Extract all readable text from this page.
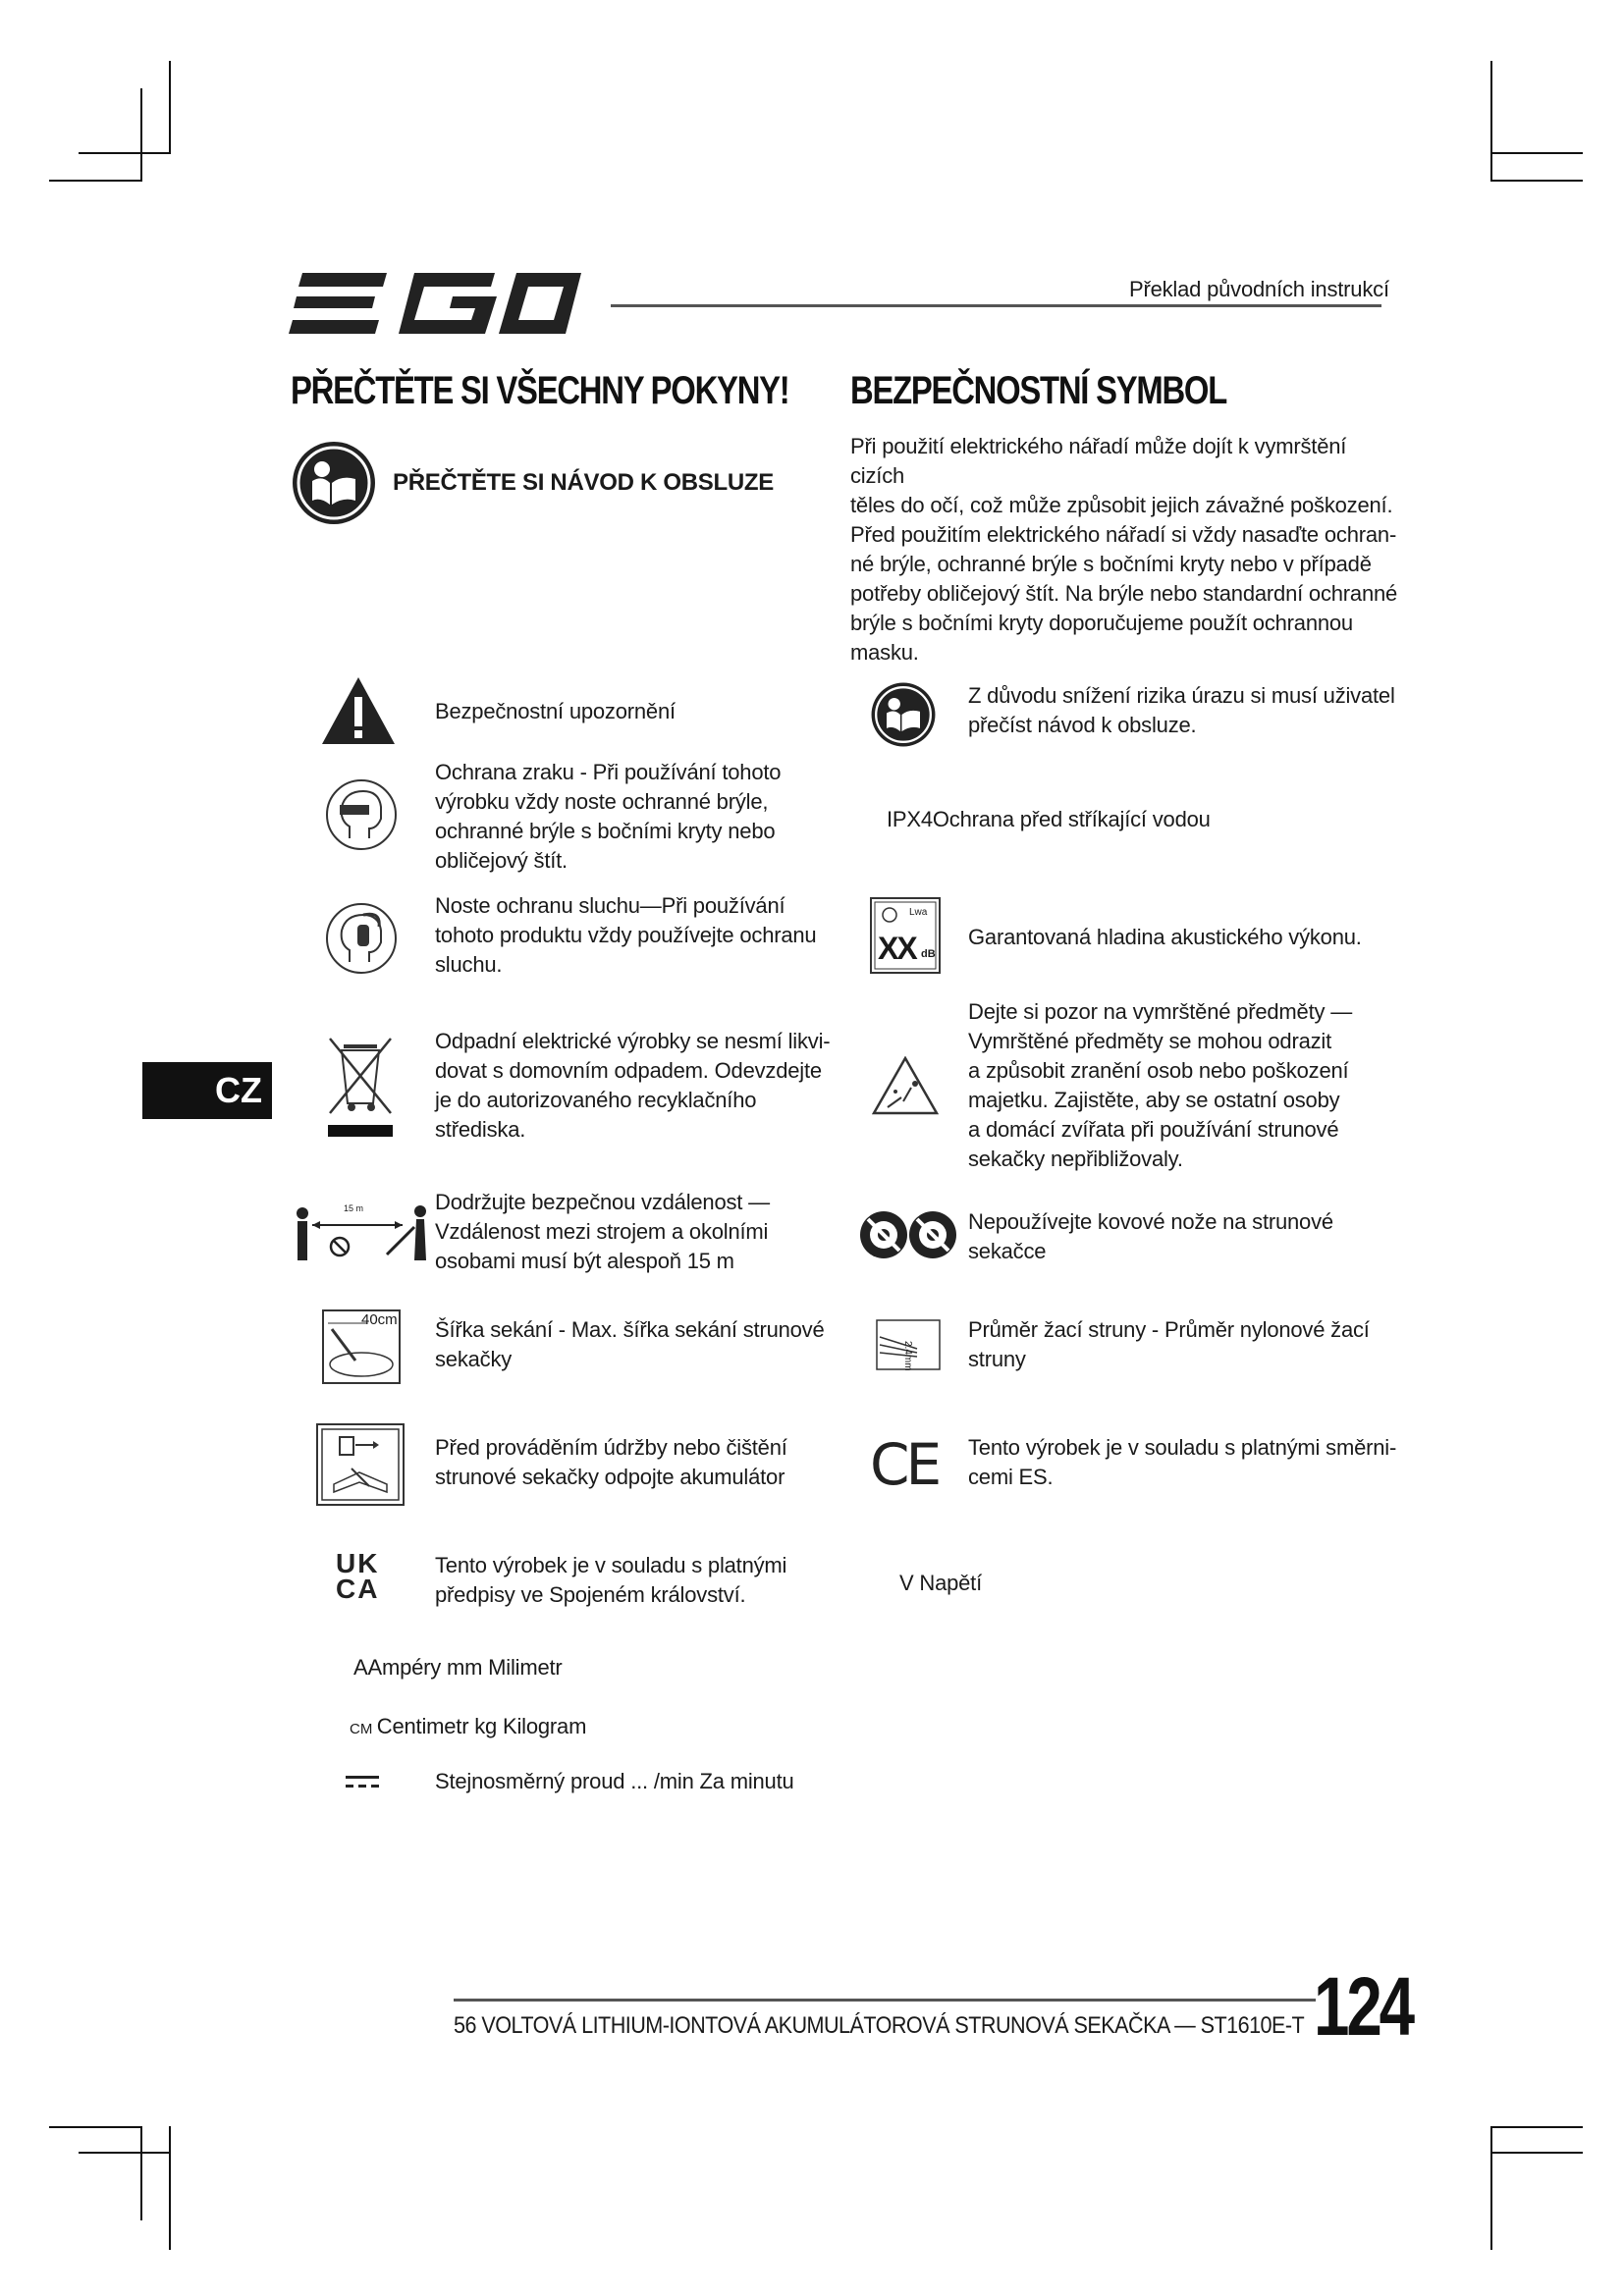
Překlad původních instrukcí
PŘEČTĚTE SI VŠECHNY POKYNY! BEZPEČNOSTNÍ SYMBOL
PŘEČTĚTE SI NÁVOD K OBSLUZE
Při použití elektrického nářadí může dojít k vymrštění cizích
těles do očí, což může způsobit jejich závažné poškození.
Před použitím elektrického nářadí si vždy nasaďte ochran-
né brýle, ochranné brýle s bočními kryty nebo v případě
potřeby obličejový štít. Na brýle nebo standardní ochranné
brýle s bočními kryty doporučujeme použít ochrannou
masku.
CZ
Bezpečnostní upozornění
Ochrana zraku - Při používání tohoto
výrobku vždy noste ochranné brýle,
ochranné brýle s bočními kryty nebo
obličejový štít.
Noste ochranu sluchu—Při používání
tohoto produktu vždy používejte ochranu
sluchu.
Odpadní elektrické výrobky se nesmí likvi-
dovat s domovním odpadem. Odevzdejte
je do autorizovaného recyklačního
střediska.
15 m	Dodržujte bezpečnou vzdálenost —
Vzdálenost mezi strojem a okolními
osobami musí být alespoň 15 m
40cm Šířka sekání - Max. šířka sekání strunové
sekačky
Před prováděním údržby nebo čištění
strunové sekačky odpojte akumulátor
UK
CA
Tento výrobek je v souladu s platnými
předpisy ve Spojeném království.
AAmpéry mm Milimetr
CM Centimetr kg Kilogram
Stejnosměrný proud ... /min Za minutu
Z důvodu snížení rizika úrazu si musí uživatel
přečíst návod k obsluze.
IPX4Ochrana před stříkající vodou
Lwa
XX dB
Garantovaná hladina akustického výkonu.
Dejte si pozor na vymrštěné předměty —
Vymrštěné předměty se mohou odrazit
a způsobit zranění osob nebo poškození
majetku. Zajistěte, aby se ostatní osoby
a domácí zvířata při používání strunové
sekačky nepřibližovaly.
Nepoužívejte kovové nože na strunové
sekačce
2.4mm
Průměr žací struny - Průměr nylonové žací
struny
CE	Tento výrobek je v souladu s platnými směrni-
cemi ES.
V Napětí
56 VOLTOVÁ LITHIUM-IONTOVÁ AKUMULÁTOROVÁ STRUNOVÁ SEKAČKA — ST1610E-T 124
